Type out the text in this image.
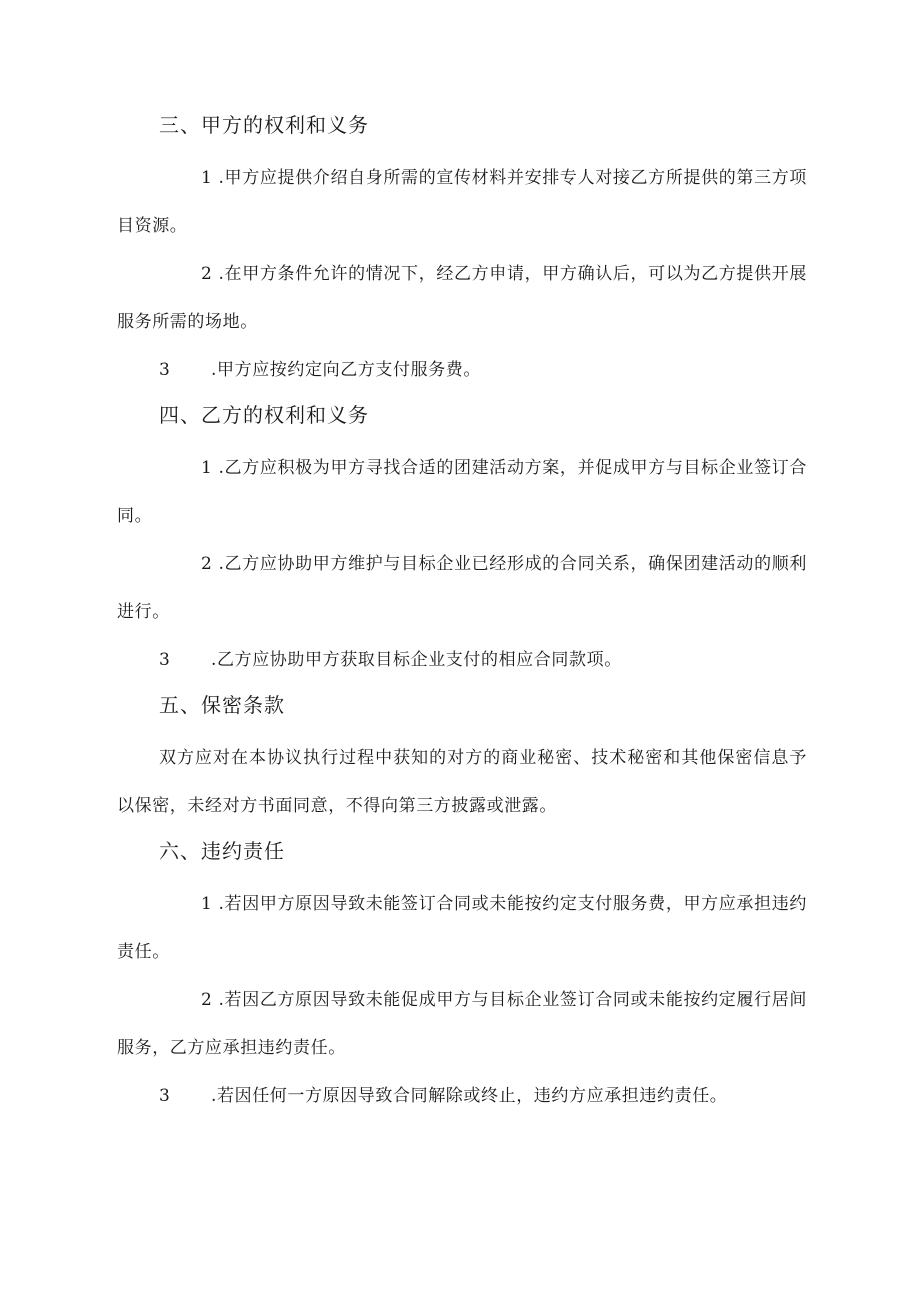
三、甲方的权利和义务

1 .甲方应提供介绍自身所需的宣传材料并安排专人对接乙方所提供的第三方项目资源。

2 .在甲方条件允许的情况下，经乙方申请，甲方确认后，可以为乙方提供开展服务所需的场地。

3 .甲方应按约定向乙方支付服务费。

四、乙方的权利和义务

1 .乙方应积极为甲方寻找合适的团建活动方案，并促成甲方与目标企业签订合同。

2 .乙方应协助甲方维护与目标企业已经形成的合同关系，确保团建活动的顺利进行。

3 .乙方应协助甲方获取目标企业支付的相应合同款项。

五、保密条款

双方应对在本协议执行过程中获知的对方的商业秘密、技术秘密和其他保密信息予以保密，未经对方书面同意，不得向第三方披露或泄露。

六、违约责任

1 .若因甲方原因导致未能签订合同或未能按约定支付服务费，甲方应承担违约责任。

2 .若因乙方原因导致未能促成甲方与目标企业签订合同或未能按约定履行居间服务，乙方应承担违约责任。

3 .若因任何一方原因导致合同解除或终止，违约方应承担违约责任。
